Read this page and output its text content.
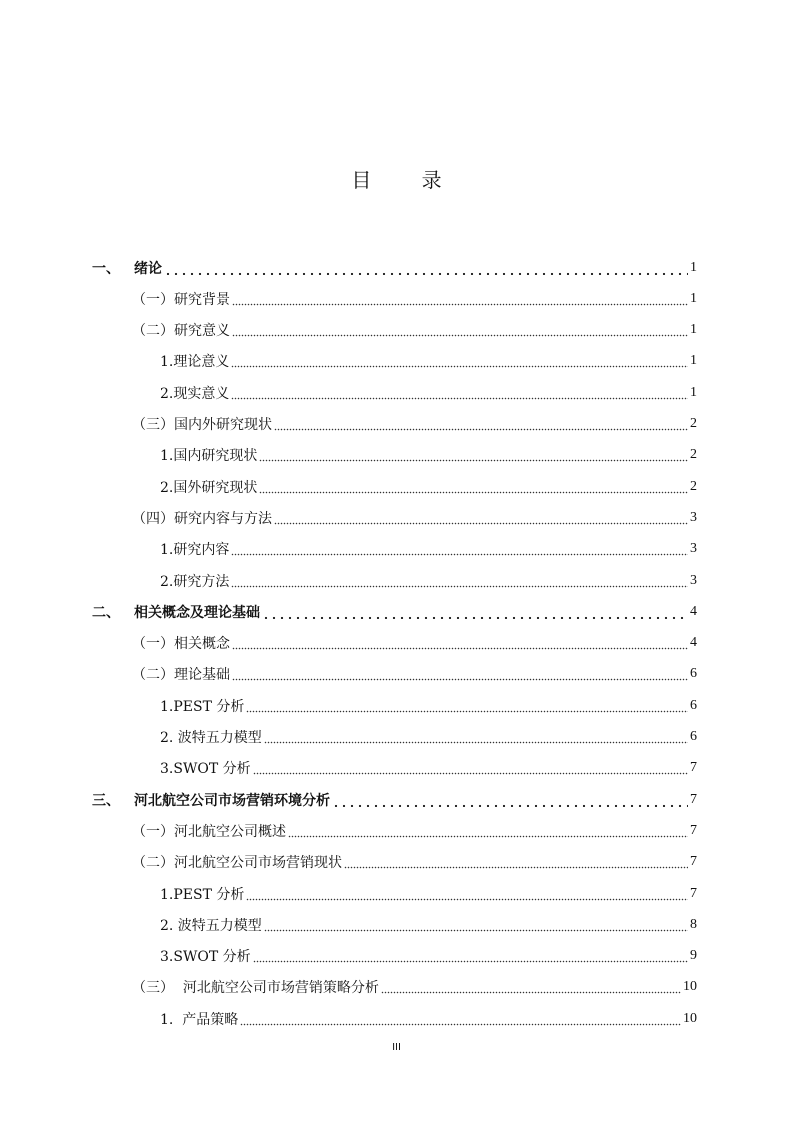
目 录
一、	绪论	1
（一）研究背景	1
（二）研究意义	1
1.理论意义	1
2.现实意义	1
（三）国内外研究现状	2
1.国内研究现状	2
2.国外研究现状	2
（四）研究内容与方法	3
1.研究内容	3
2.研究方法	3
二、	相关概念及理论基础	4
（一）相关概念	4
（二）理论基础	6
1.PEST 分析	6
2. 波特五力模型	6
3.SWOT 分析	7
三、	河北航空公司市场营销环境分析	7
（一）河北航空公司概述	7
（二）河北航空公司市场营销现状	7
1.PEST 分析	7
2. 波特五力模型	8
3.SWOT 分析	9
（三）  河北航空公司市场营销策略分析	10
1.  产品策略	10
III
